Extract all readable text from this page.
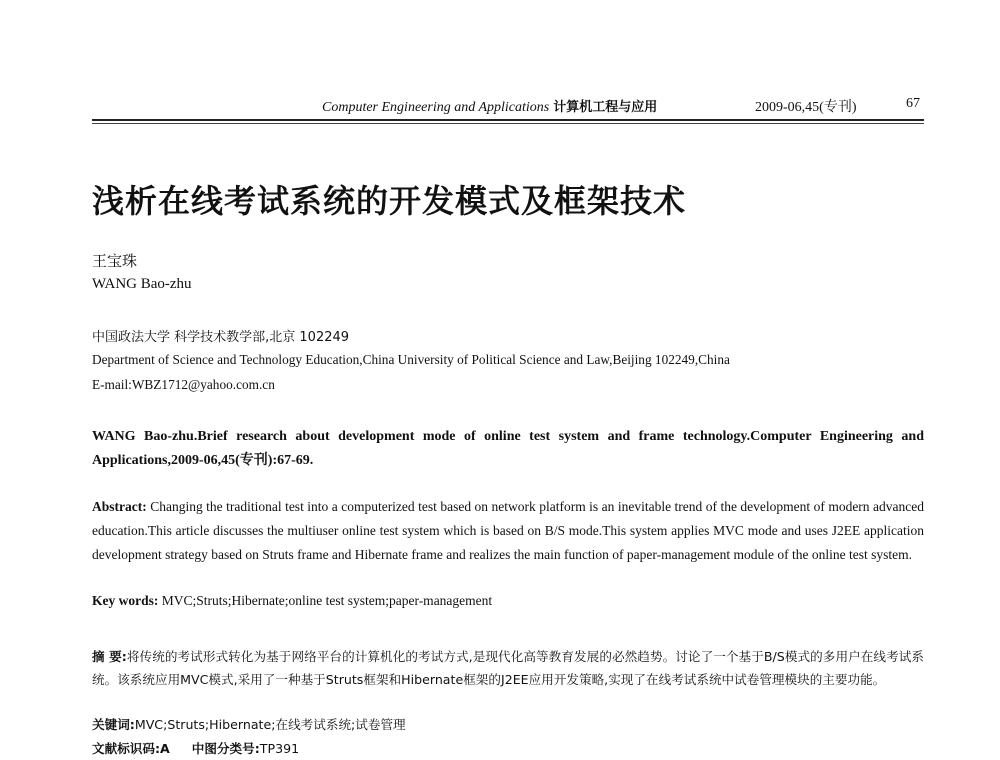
Computer Engineering and Applications 计算机工程与应用	2009-06,45(专刊)	67
浅析在线考试系统的开发模式及框架技术
王宝珠
WANG Bao-zhu
中国政法大学 科学技术教学部,北京 102249
Department of Science and Technology Education,China University of Political Science and Law,Beijing 102249,China
E-mail:WBZ1712@yahoo.com.cn
WANG Bao-zhu.Brief research about development mode of online test system and frame technology.Computer Engineering and Applications,2009-06,45(专刊):67-69.
Abstract: Changing the traditional test into a computerized test based on network platform is an inevitable trend of the development of modern advanced education.This article discusses the multiuser online test system which is based on B/S mode.This system applies MVC mode and uses J2EE application development strategy based on Struts frame and Hibernate frame and realizes the main function of paper-management module of the online test system.
Key words: MVC;Struts;Hibernate;online test system;paper-management
摘 要:将传统的考试形式转化为基于网络平台的计算机化的考试方式,是现代化高等教育发展的必然趋势。讨论了一个基于B/S模式的多用户在线考试系统。该系统应用MVC模式,采用了一种基于Struts框架和Hibernate框架的J2EE应用开发策略,实现了在线考试系统中试卷管理模块的主要功能。
关键词:MVC;Struts;Hibernate;在线考试系统;试卷管理
文献标识码:A 中图分类号:TP391
